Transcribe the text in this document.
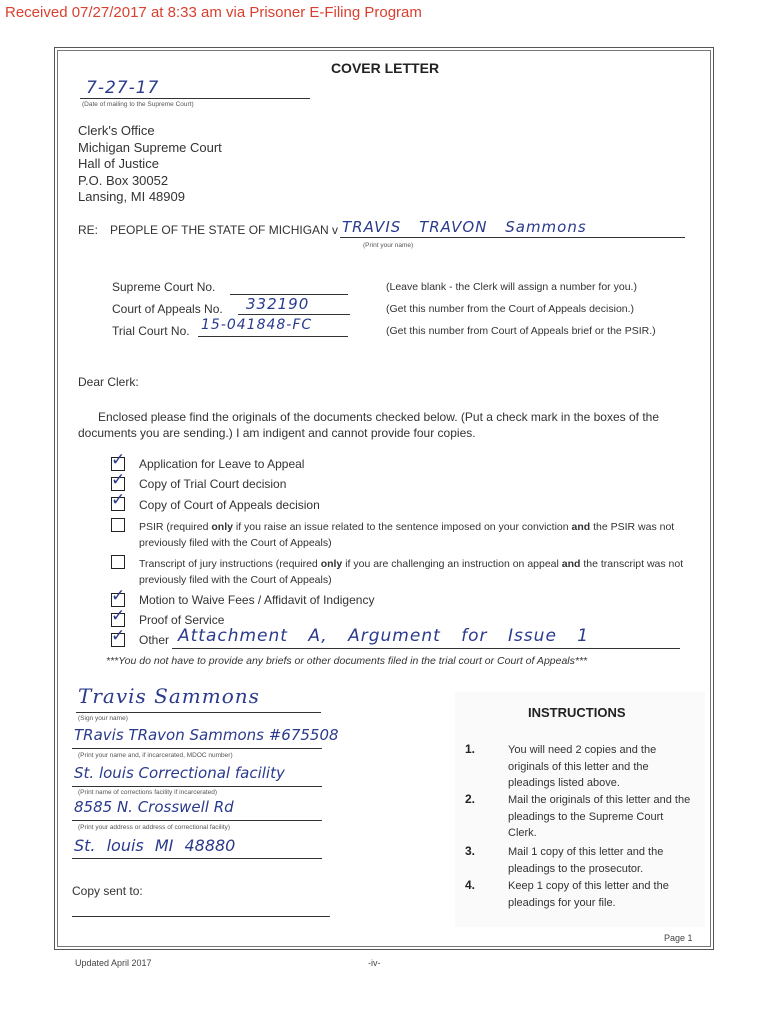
Received 07/27/2017 at 8:33 am via Prisoner E-Filing Program
COVER LETTER
7-27-17
(Date of mailing to the Supreme Court)
Clerk's Office
Michigan Supreme Court
Hall of Justice
P.O. Box 30052
Lansing, MI 48909
RE: PEOPLE OF THE STATE OF MICHIGAN v TRAVIS TRAVON Sammons
(Print your name)
Supreme Court No.	(Leave blank - the Clerk will assign a number for you.)
Court of Appeals No. 332190	(Get this number from the Court of Appeals decision.)
Trial Court No. 15-041848-FC	(Get this number from Court of Appeals brief or the PSIR.)
Dear Clerk:
Enclosed please find the originals of the documents checked below. (Put a check mark in the boxes of the documents you are sending.) I am indigent and cannot provide four copies.
✓ Application for Leave to Appeal
✓ Copy of Trial Court decision
✓ Copy of Court of Appeals decision
PSIR (required only if you raise an issue related to the sentence imposed on your conviction and the PSIR was not previously filed with the Court of Appeals)
Transcript of jury instructions (required only if you are challenging an instruction on appeal and the transcript was not previously filed with the Court of Appeals)
✓ Motion to Waive Fees / Affidavit of Indigency
✓ Proof of Service
✓ Other Attachment A, Argument for Issue 1
***You do not have to provide any briefs or other documents filed in the trial court or Court of Appeals***
Travis Sammons
(Sign your name)
TRavis TRavon Sammons #675508
(Print your name and, if incarcerated, MDOC number)
St. louis Correctional facility
(Print name of corrections facility if incarcerated)
8585 N. Crosswell Rd
(Print your address or address of correctional facility)
St. louis MI 48880
Copy sent to:
INSTRUCTIONS
1.	You will need 2 copies and the originals of this letter and the pleadings listed above.
2.	Mail the originals of this letter and the pleadings to the Supreme Court Clerk.
3.	Mail 1 copy of this letter and the pleadings to the prosecutor.
4.	Keep 1 copy of this letter and the pleadings for your file.
Page 1
Updated April 2017	-iv-
